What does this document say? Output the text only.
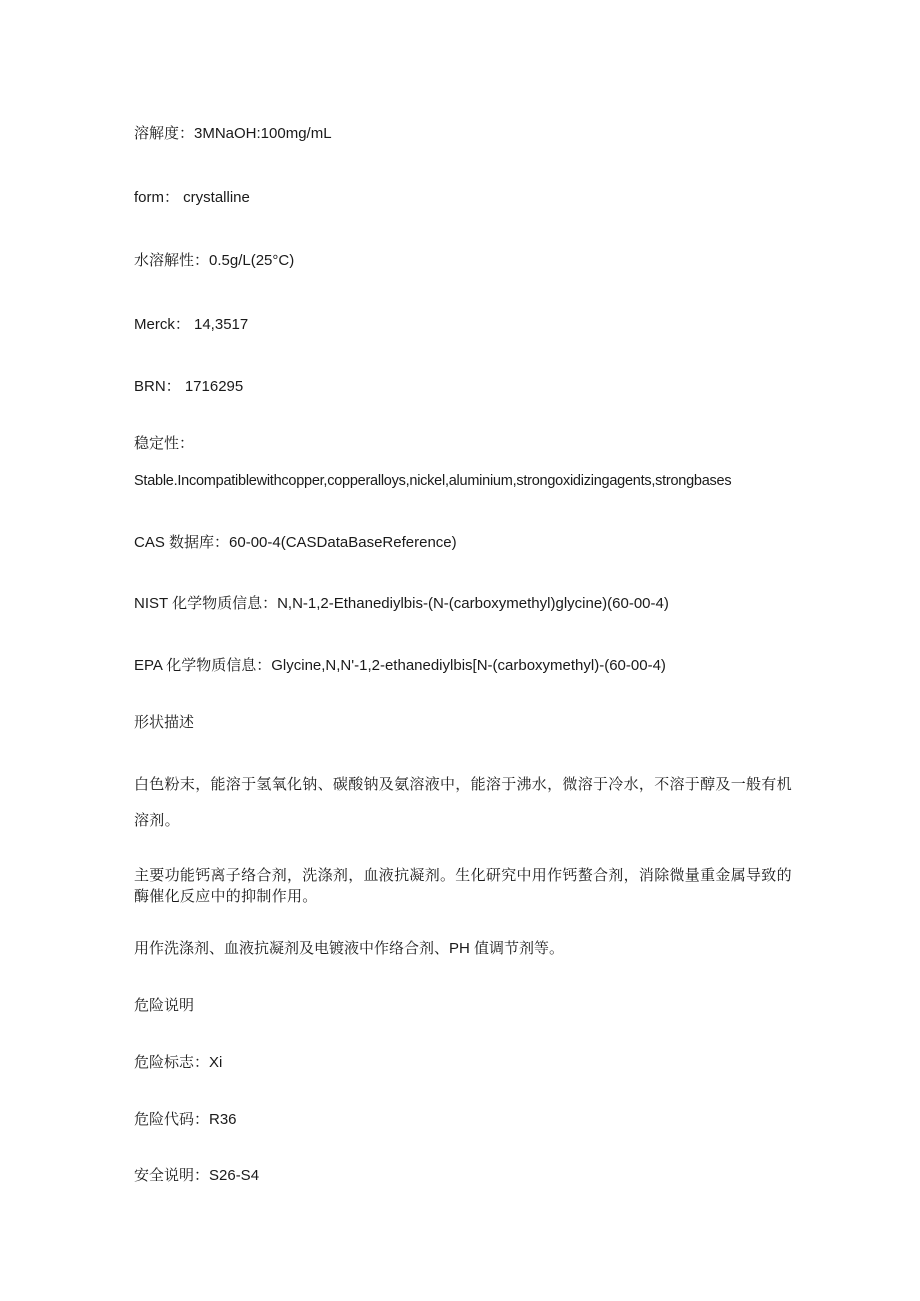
溶解度：3MNaOH:100mg/mL
form： crystalline
水溶解性：0.5g/L(25°C)
Merck： 14,3517
BRN： 1716295
稳定性：
Stable.Incompatiblewithcopper,copperalloys,nickel,aluminium,strongoxidizingagents,strongbases
CAS 数据库：60-00-4(CASDataBaseReference)
NIST 化学物质信息：N,N-1,2-Ethanediylbis-(N-(carboxymethyl)glycine)(60-00-4)
EPA 化学物质信息：Glycine,N,N'-1,2-ethanediylbis[N-(carboxymethyl)-(60-00-4)
形状描述
白色粉末，能溶于氢氧化钠、碳酸钠及氨溶液中，能溶于沸水，微溶于冷水，不溶于醇及一般有机溶剂。
主要功能钙离子络合剂，洗涤剂，血液抗凝剂。生化研究中用作钙螯合剂，消除微量重金属导致的酶催化反应中的抑制作用。
用作洗涤剂、血液抗凝剂及电镀液中作络合剂、PH 值调节剂等。
危险说明
危险标志：Xi
危险代码：R36
安全说明：S26-S4
